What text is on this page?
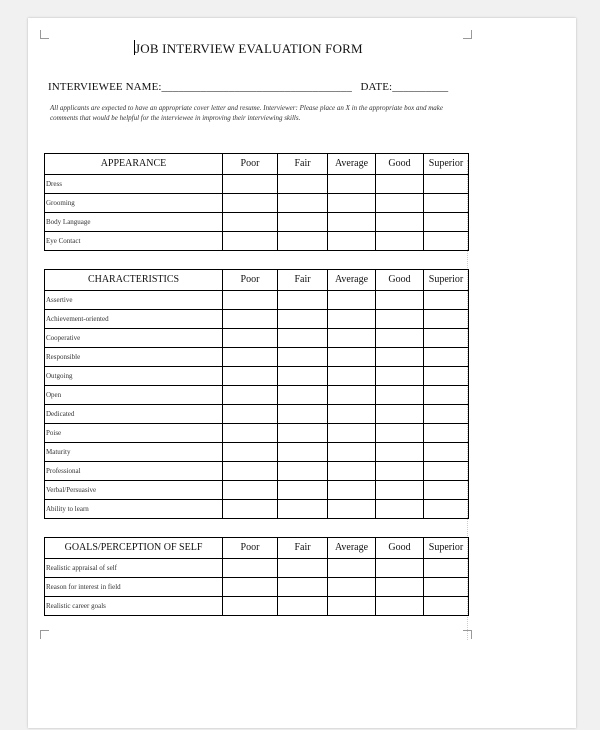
JOB INTERVIEW EVALUATION FORM
INTERVIEWEE NAME:__________________________________ DATE:__________
All applicants are expected to have an appropriate cover letter and resume. Interviewer: Please place an X in the appropriate box and make comments that would be helpful for the interviewee in improving their interviewing skills.
APPEARANCE	Poor	Fair	Average	Good	Superior
Dress					
Grooming					
Body Language					
Eye Contact					
CHARACTERISTICS	Poor	Fair	Average	Good	Superior
Assertive					
Achievement-oriented					
Cooperative					
Responsible					
Outgoing					
Open					
Dedicated					
Poise					
Maturity					
Professional					
Verbal/Persuasive					
Ability to learn					
GOALS/PERCEPTION OF SELF	Poor	Fair	Average	Good	Superior
Realistic appraisal of self					
Reason for interest in field					
Realistic career goals					
